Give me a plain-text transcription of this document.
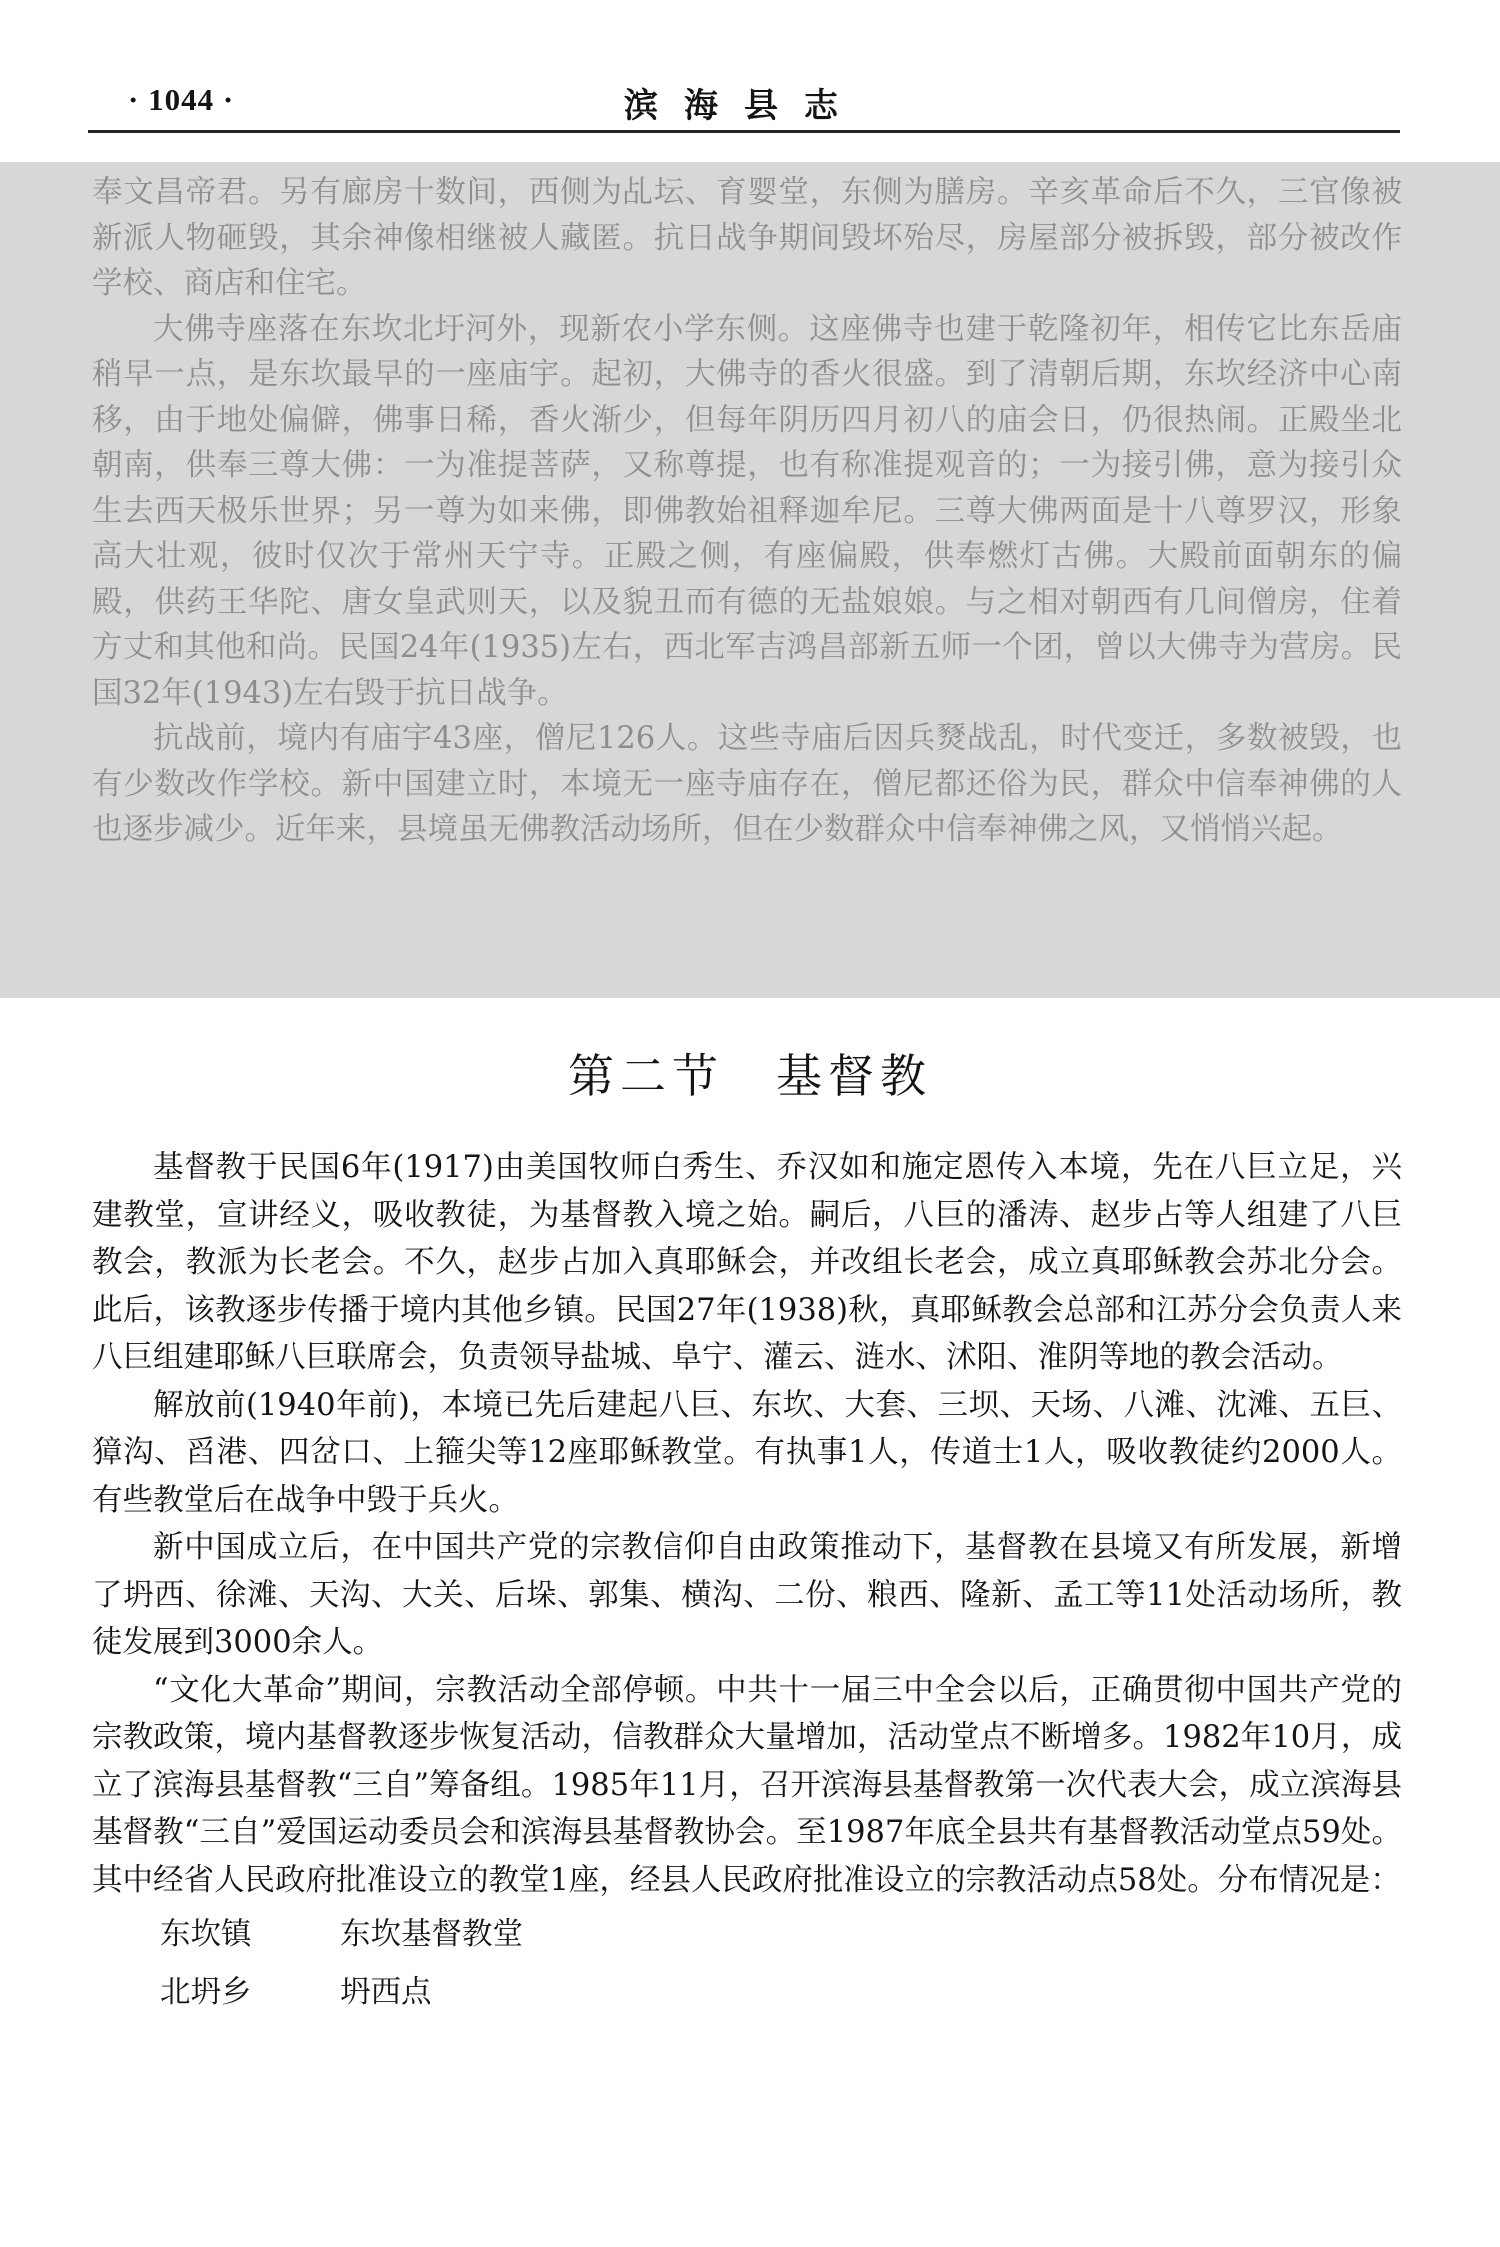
· 1044 ·	滨海县志

奉文昌帝君。另有廊房十数间，西侧为乩坛、育婴堂，东侧为膳房。辛亥革命后不久，三官像被新派人物砸毁，其余神像相继被人藏匿。抗日战争期间毁坏殆尽，房屋部分被拆毁，部分被改作学校、商店和住宅。

大佛寺座落在东坎北圩河外，现新农小学东侧。这座佛寺也建于乾隆初年，相传它比东岳庙稍早一点，是东坎最早的一座庙宇。起初，大佛寺的香火很盛。到了清朝后期，东坎经济中心南移，由于地处偏僻，佛事日稀，香火渐少，但每年阴历四月初八的庙会日，仍很热闹。正殿坐北朝南，供奉三尊大佛：一为准提菩萨，又称尊提，也有称准提观音的；一为接引佛，意为接引众生去西天极乐世界；另一尊为如来佛，即佛教始祖释迦牟尼。三尊大佛两面是十八尊罗汉，形象高大壮观，彼时仅次于常州天宁寺。正殿之侧，有座偏殿，供奉燃灯古佛。大殿前面朝东的偏殿，供药王华陀、唐女皇武则天，以及貌丑而有德的无盐娘娘。与之相对朝西有几间僧房，住着方丈和其他和尚。民国24年(1935)左右，西北军吉鸿昌部新五师一个团，曾以大佛寺为营房。民国32年(1943)左右毁于抗日战争。

抗战前，境内有庙宇43座，僧尼126人。这些寺庙后因兵燹战乱，时代变迁，多数被毁，也有少数改作学校。新中国建立时，本境无一座寺庙存在，僧尼都还俗为民，群众中信奉神佛的人也逐步减少。近年来，县境虽无佛教活动场所，但在少数群众中信奉神佛之风，又悄悄兴起。

第二节　基督教

基督教于民国6年(1917)由美国牧师白秀生、乔汉如和施定恩传入本境，先在八巨立足，兴建教堂，宣讲经义，吸收教徒，为基督教入境之始。嗣后，八巨的潘涛、赵步占等人组建了八巨教会，教派为长老会。不久，赵步占加入真耶稣会，并改组长老会，成立真耶稣教会苏北分会。此后，该教逐步传播于境内其他乡镇。民国27年(1938)秋，真耶稣教会总部和江苏分会负责人来八巨组建耶稣八巨联席会，负责领导盐城、阜宁、灌云、涟水、沭阳、淮阴等地的教会活动。

解放前(1940年前)，本境已先后建起八巨、东坎、大套、三坝、天场、八滩、沈滩、五巨、獐沟、舀港、四岔口、上箍尖等12座耶稣教堂。有执事1人，传道士1人，吸收教徒约2000人。有些教堂后在战争中毁于兵火。

新中国成立后，在中国共产党的宗教信仰自由政策推动下，基督教在县境又有所发展，新增了坍西、徐滩、天沟、大关、后垛、郭集、横沟、二份、粮西、隆新、孟工等11处活动场所，教徒发展到3000余人。

“文化大革命”期间，宗教活动全部停顿。中共十一届三中全会以后，正确贯彻中国共产党的宗教政策，境内基督教逐步恢复活动，信教群众大量增加，活动堂点不断增多。1982年10月，成立了滨海县基督教“三自”筹备组。1985年11月，召开滨海县基督教第一次代表大会，成立滨海县基督教“三自”爱国运动委员会和滨海县基督教协会。至1987年底全县共有基督教活动堂点59处。其中经省人民政府批准设立的教堂1座，经县人民政府批准设立的宗教活动点58处。分布情况是：

东坎镇	东坎基督教堂
北坍乡	坍西点
